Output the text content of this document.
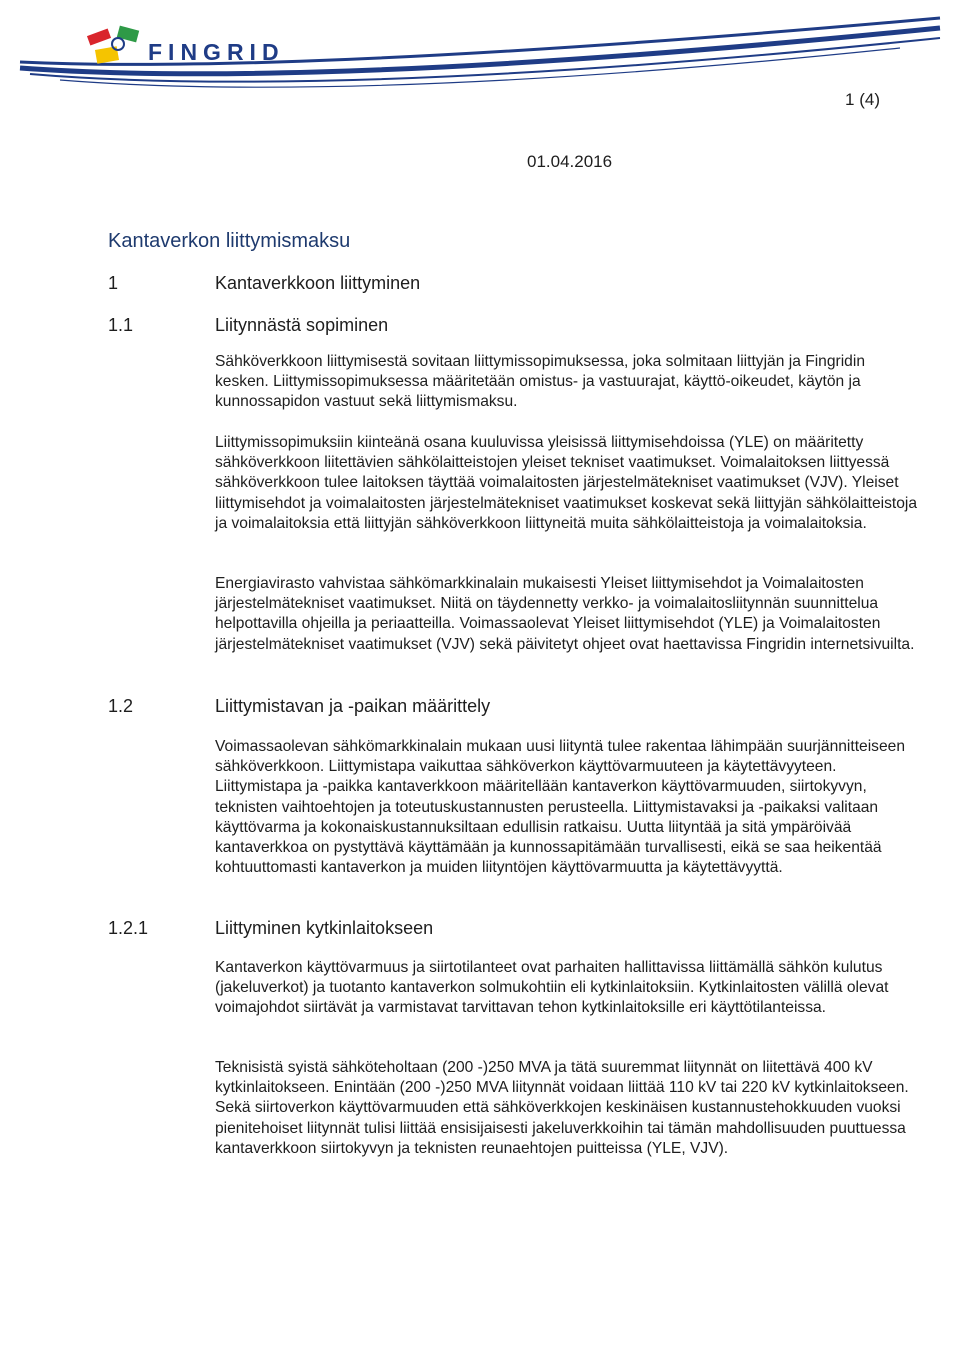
FINGRID
1 (4)
01.04.2016
Kantaverkon liittymismaksu
1	Kantaverkkoon liittyminen
1.1	Liitynnästä sopiminen

Sähköverkkoon liittymisestä sovitaan liittymissopimuksessa, joka solmitaan liittyjän ja Fingridin kesken. Liittymissopimuksessa määritetään omistus- ja vastuurajat, käyttö-oikeudet, käytön ja kunnossapidon vastuut sekä liittymismaksu.

Liittymissopimuksiin kiinteänä osana kuuluvissa yleisissä liittymisehdoissa (YLE) on määritetty sähköverkkoon liitettävien sähkölaitteistojen yleiset tekniset vaatimukset. Voimalaitoksen liittyessä sähköverkkoon tulee laitoksen täyttää voimalaitosten järjestelmätekniset vaatimukset (VJV). Yleiset liittymisehdot ja voimalaitosten järjestelmätekniset vaatimukset koskevat sekä liittyjän sähkölaitteistoja ja voimalaitoksia että liittyjän sähköverkkoon liittyneitä muita sähkölaitteistoja ja voimalaitoksia.

Energiavirasto vahvistaa sähkömarkkinalain mukaisesti Yleiset liittymisehdot ja Voimalaitosten järjestelmätekniset vaatimukset. Niitä on täydennetty verkko- ja voimalaitosliitynnän suunnittelua helpottavilla ohjeilla ja periaatteilla. Voimassaolevat Yleiset liittymisehdot (YLE) ja Voimalaitosten järjestelmätekniset vaatimukset (VJV) sekä päivitetyt ohjeet ovat haettavissa Fingridin internetsivuilta.

1.2	Liittymistavan ja -paikan määrittely

Voimassaolevan sähkömarkkinalain mukaan uusi liityntä tulee rakentaa lähimpään suurjännitteiseen sähköverkkoon. Liittymistapa vaikuttaa sähköverkon käyttövarmuuteen ja käytettävyyteen. Liittymistapa ja -paikka kantaverkkoon määritellään kantaverkon käyttövarmuuden, siirtokyvyn, teknisten vaihtoehtojen ja toteutuskustannusten perusteella. Liittymistavaksi ja -paikaksi valitaan käyttövarma ja kokonaiskustannuksiltaan edullisin ratkaisu. Uutta liityntää ja sitä ympäröivää kantaverkkoa on pystyttävä käyttämään ja kunnossapitämään turvallisesti, eikä se saa heikentää kohtuuttomasti kantaverkon ja muiden liityntöjen käyttövarmuutta ja käytettävyyttä.

1.2.1	Liittyminen kytkinlaitokseen

Kantaverkon käyttövarmuus ja siirtotilanteet ovat parhaiten hallittavissa liittämällä sähkön kulutus (jakeluverkot) ja tuotanto kantaverkon solmukohtiin eli kytkinlaitoksiin. Kytkinlaitosten välillä olevat voimajohdot siirtävät ja varmistavat tarvittavan tehon kytkinlaitoksille eri käyttötilanteissa.

Teknisistä syistä sähköteholtaan (200 -)250 MVA ja tätä suuremmat liitynnät on liitettävä 400 kV kytkinlaitokseen. Enintään (200 -)250 MVA liitynnät voidaan liittää 110 kV tai 220 kV kytkinlaitokseen. Sekä siirtoverkon käyttövarmuuden että sähköverkkojen keskinäisen kustannustehokkuuden vuoksi pienitehoiset liitynnät tulisi liittää ensisijaisesti jakeluverkkoihin tai tämän mahdollisuuden puuttuessa kantaverkkoon siirtokyvyn ja teknisten reunaehtojen puitteissa (YLE, VJV).
